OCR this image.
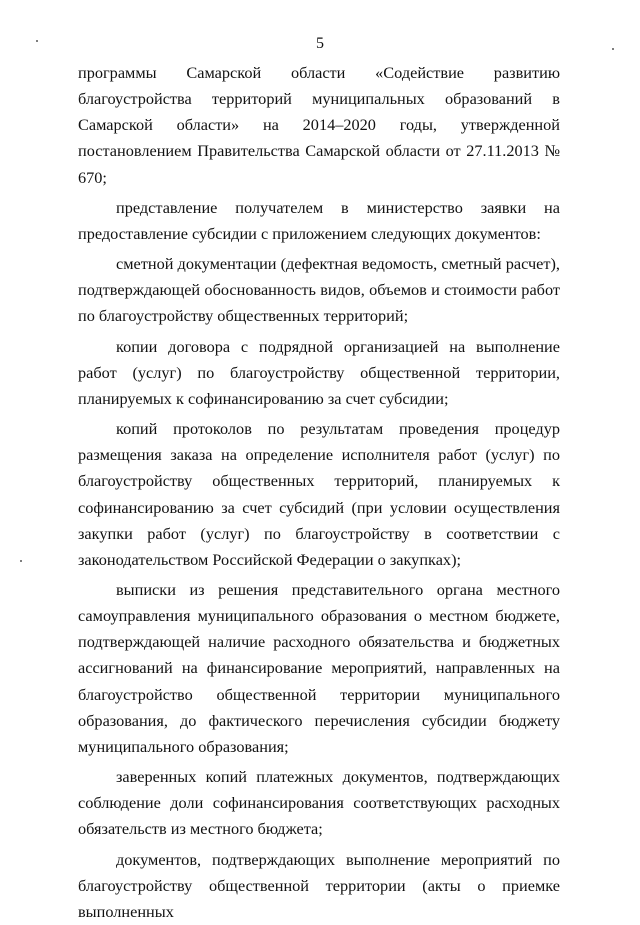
5

программы Самарской области «Содействие развитию благоустройства территорий муниципальных образований в Самарской области» на 2014–2020 годы, утвержденной постановлением Правительства Самарской области от 27.11.2013 № 670;

представление получателем в министерство заявки на предоставление субсидии с приложением следующих документов:

сметной документации (дефектная ведомость, сметный расчет), подтверждающей обоснованность видов, объемов и стоимости работ по благоустройству общественных территорий;

копии договора с подрядной организацией на выполнение работ (услуг) по благоустройству общественной территории, планируемых к софинансированию за счет субсидии;

копий протоколов по результатам проведения процедур размещения заказа на определение исполнителя работ (услуг) по благоустройству общественных территорий, планируемых к софинансированию за счет субсидий (при условии осуществления закупки работ (услуг) по благоустройству в соответствии с законодательством Российской Федерации о закупках);

выписки из решения представительного органа местного самоуправления муниципального образования о местном бюджете, подтверждающей наличие расходного обязательства и бюджетных ассигнований на финансирование мероприятий, направленных на благоустройство общественной территории муниципального образования, до фактического перечисления субсидии бюджету муниципального образования;

заверенных копий платежных документов, подтверждающих соблюдение доли софинансирования соответствующих расходных обязательств из местного бюджета;

документов, подтверждающих выполнение мероприятий по благоустройству общественной территории (акты о приемке выполненных
